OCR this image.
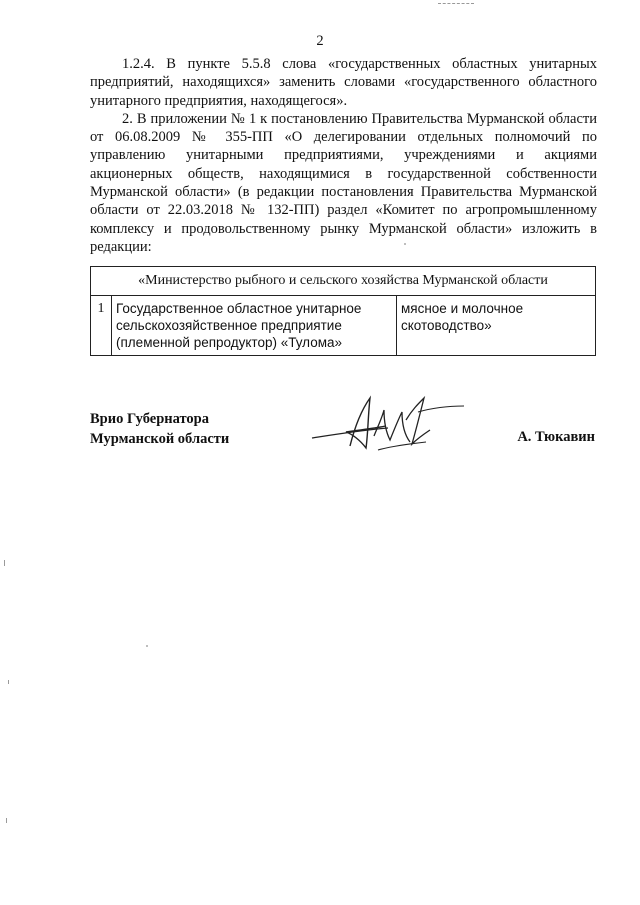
2

1.2.4. В пункте 5.5.8 слова «государственных областных унитарных предприятий, находящихся» заменить словами «государственного областного унитарного предприятия, находящегося».

2. В приложении № 1 к постановлению Правительства Мурманской области от 06.08.2009 № 355-ПП «О делегировании отдельных полномочий по управлению унитарными предприятиями, учреждениями и акциями акционерных обществ, находящимися в государственной собственности Мурманской области» (в редакции постановления Правительства Мурманской области от 22.03.2018 № 132-ПП) раздел «Комитет по агропромышленному комплексу и продовольственному рынку Мурманской области» изложить в редакции:

«Министерство рыбного и сельского хозяйства Мурманской области
1	Государственное областное унитарное сельскохозяйственное предприятие (племенной репродуктор) «Тулома»	мясное и молочное скотоводство»
Врио Губернатора
Мурманской области	А. Тюкавин
